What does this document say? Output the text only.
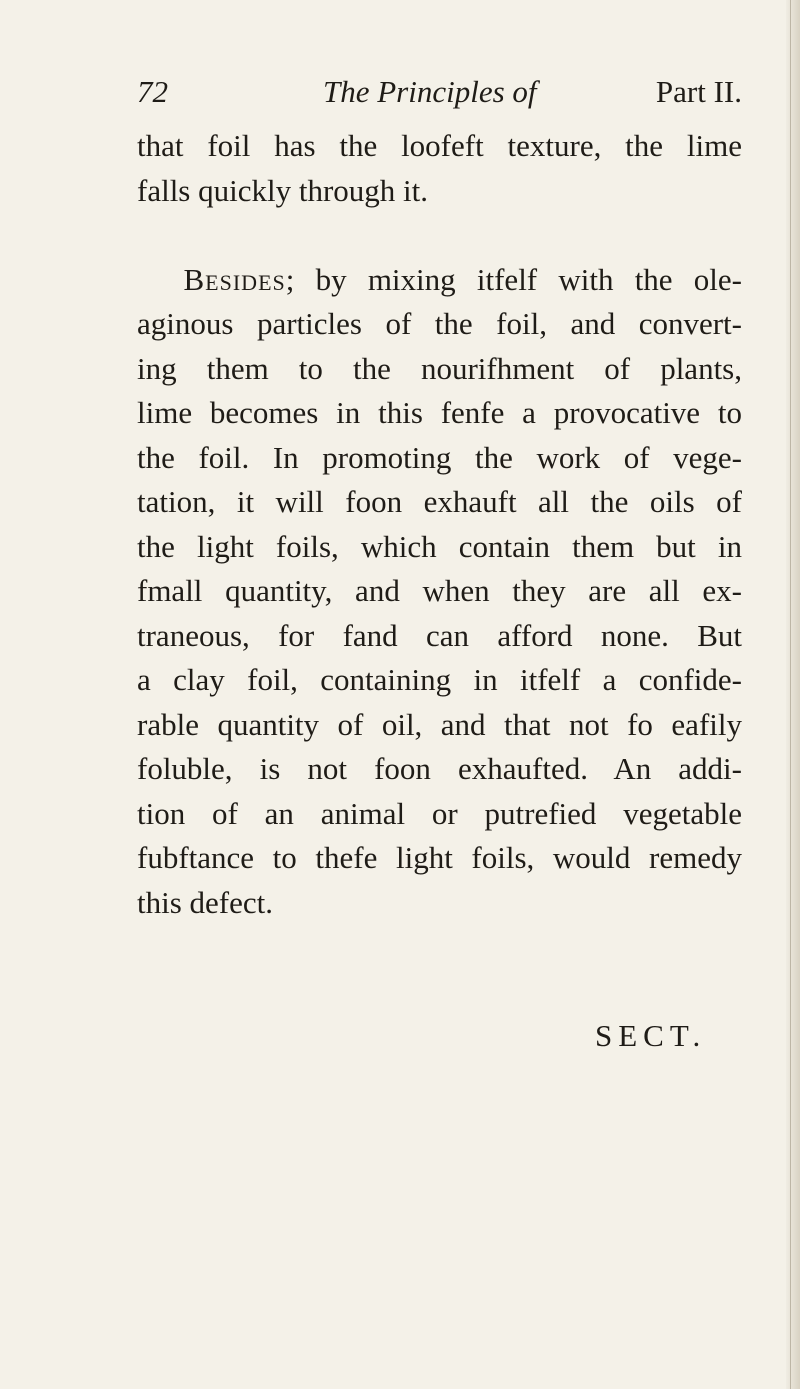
72	The Principles of	Part II.
that foil has the loofeft texture, the lime
falls quickly through it.
  Besides; by mixing itfelf with the ole-
aginous particles of the foil, and convert-
ing them to the nourifhment of plants,
lime becomes in this fenfe a provocative to
the foil. In promoting the work of vege-
tation, it will foon exhauft all the oils of
the light foils, which contain them but in
fmall quantity, and when they are all ex-
traneous, for fand can afford none. But
a clay foil, containing in itfelf a confide-
rable quantity of oil, and that not fo eafily
foluble, is not foon exhaufted. An addi-
tion of an animal or putrefied vegetable
fubftance to thefe light foils, would remedy
this defect.
SECT.
